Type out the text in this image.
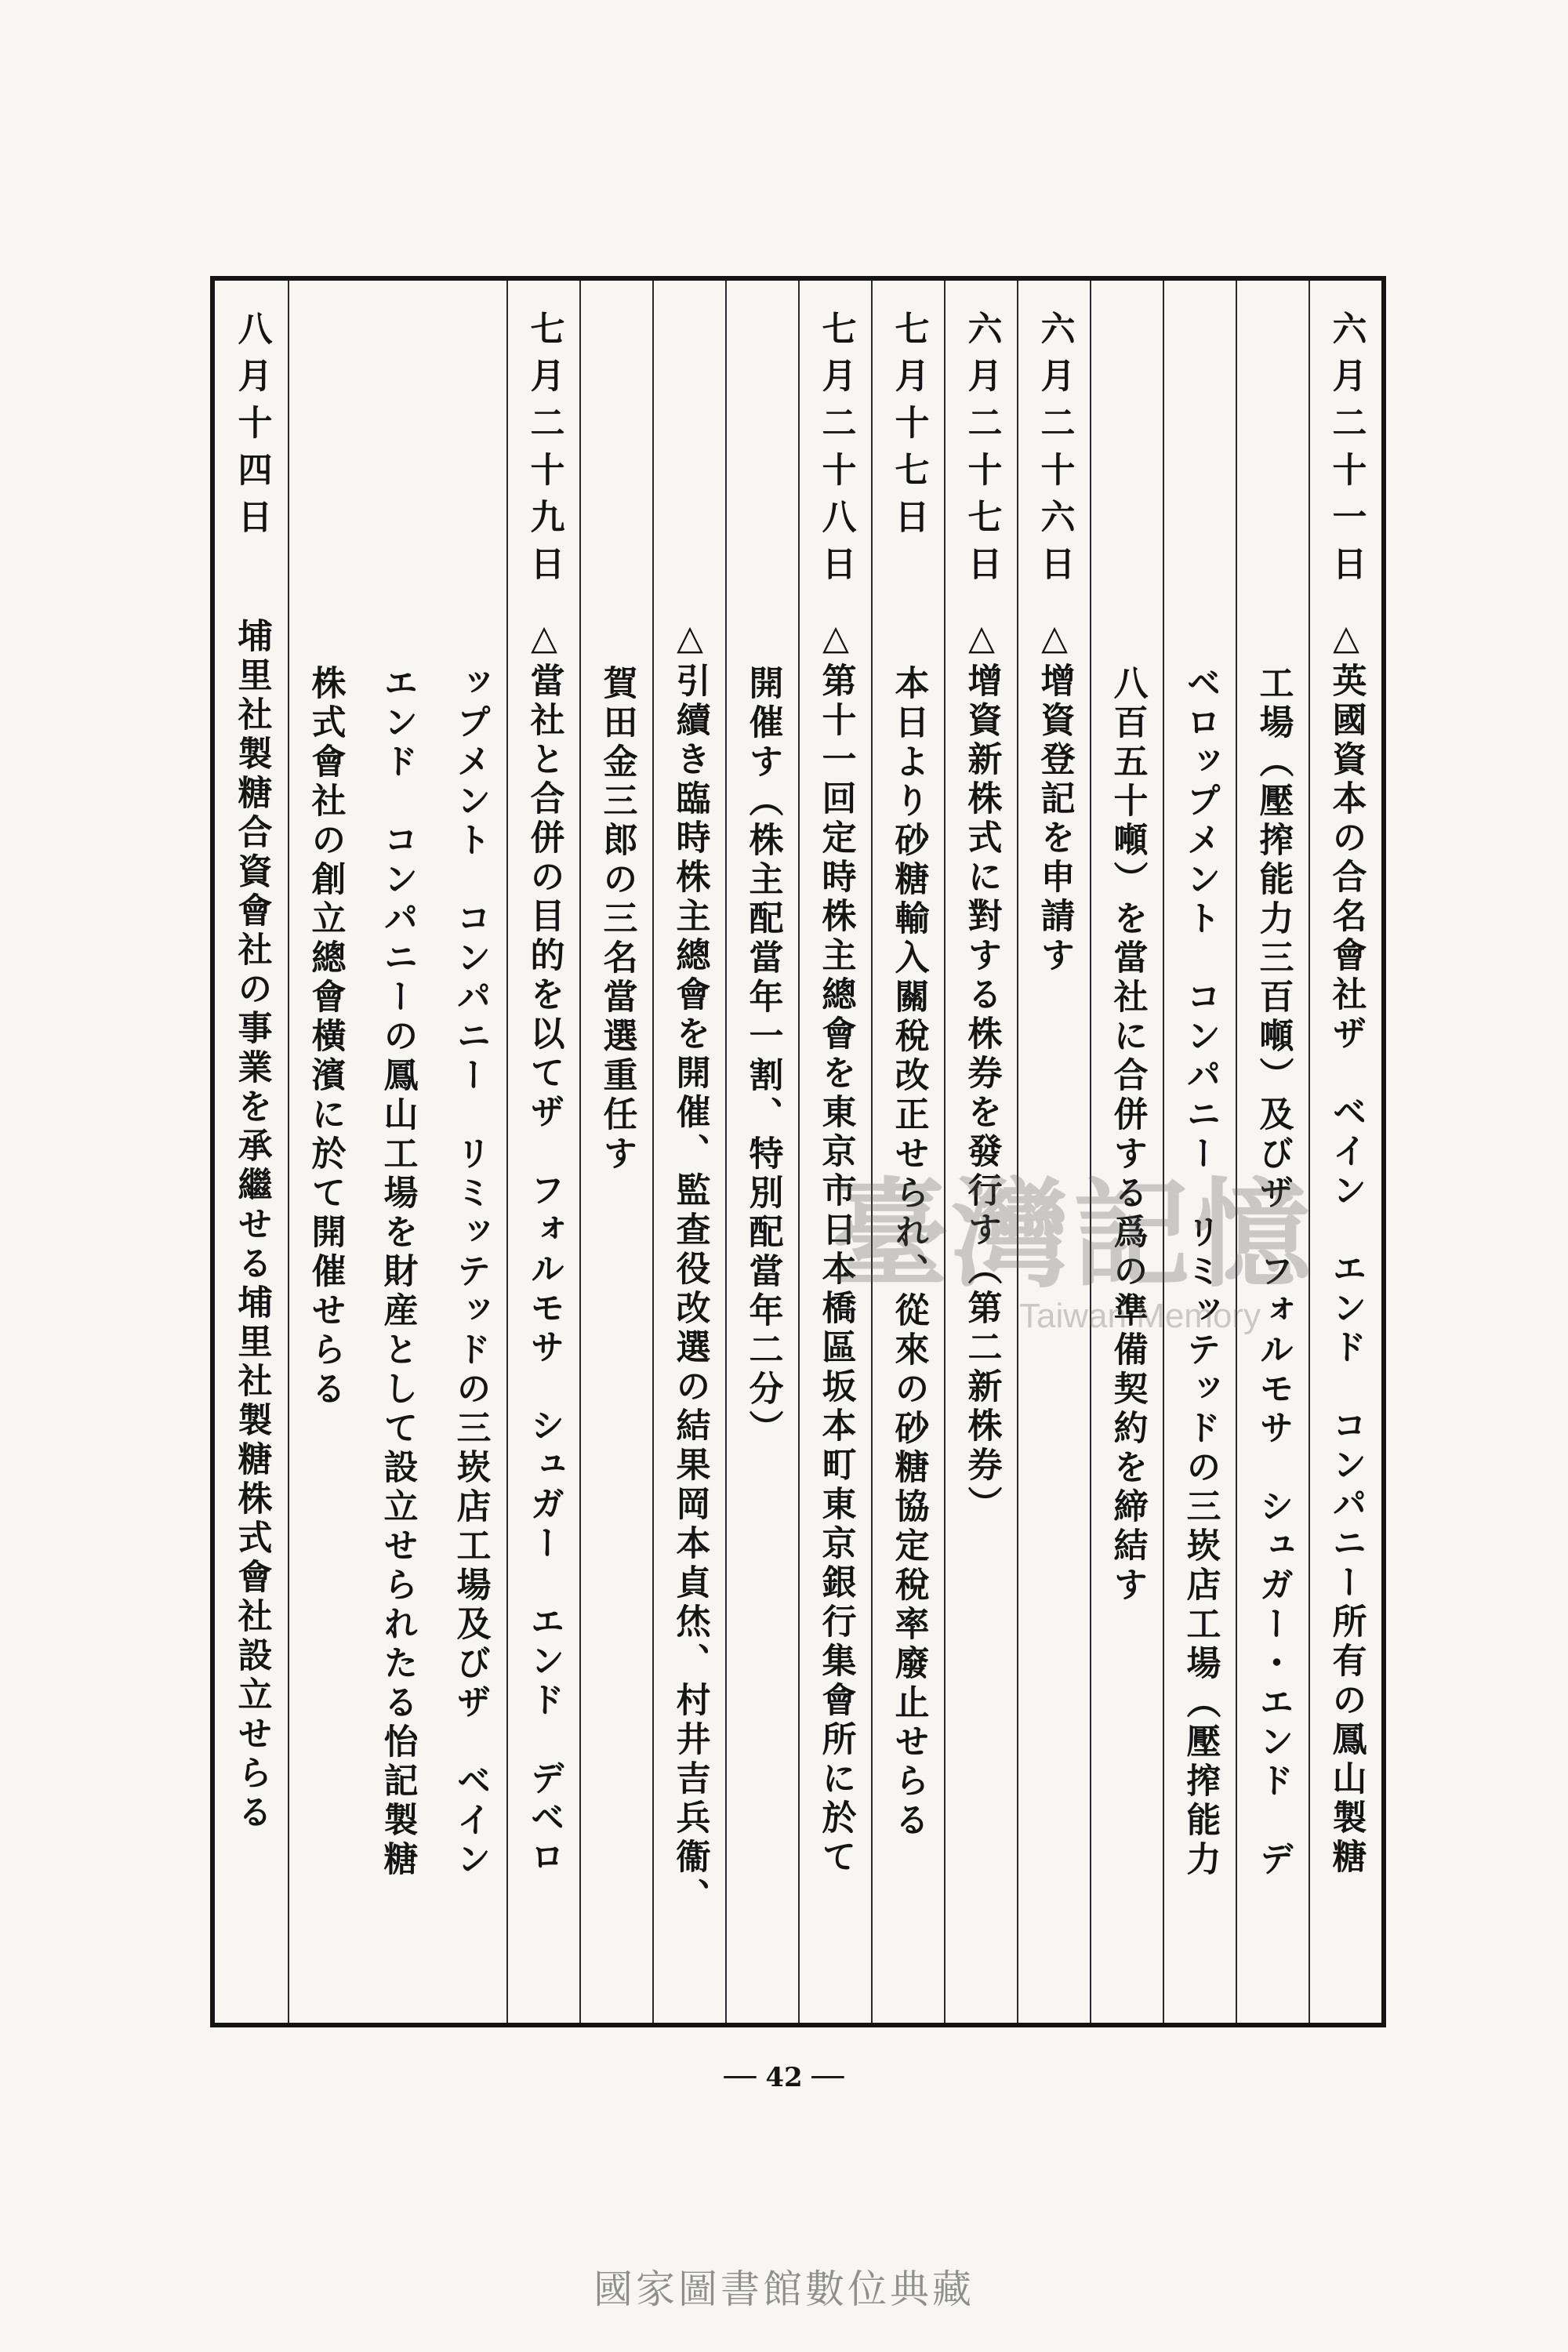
六月二十一日
△英國資本の合名會社ザ　ベイン　エンド　コンパニー所有の鳳山製糖
工場（壓搾能力三百噸）及びザ　フォルモサ　シュガー・エンド　デ
ベロップメント　コンパニー　リミッテッドの三崁店工場（壓搾能力
八百五十噸）を當社に合併する爲の準備契約を締結す
六月二十六日
△增資登記を申請す
六月二十七日
△增資新株式に對する株券を發行す（第二新株券）
七月十七日
本日より砂糖輸入關稅改正せられ、從來の砂糖協定稅率廢止せらる
七月二十八日
△第十一回定時株主總會を東京市日本橋區坂本町東京銀行集會所に於て
開催す（株主配當年一割、特別配當年二分）
△引續き臨時株主總會を開催、監查役改選の結果岡本貞烋、村井吉兵衞、
賀田金三郎の三名當選重任す
七月二十九日
△當社と合併の目的を以てザ　フォルモサ　シュガー　エンド　デベロ
ップメント　コンパニー　リミッテッドの三崁店工場及びザ　ベイン
エンド　コンパニーの鳳山工場を財産として設立せられたる怡記製糖
株式會社の創立總會橫濱に於て開催せらる
八月十四日
埔里社製糖合資會社の事業を承繼せる埔里社製糖株式會社設立せらる	臺灣記憶
Taiwan Memory
── 42 ──
國家圖書館數位典藏
